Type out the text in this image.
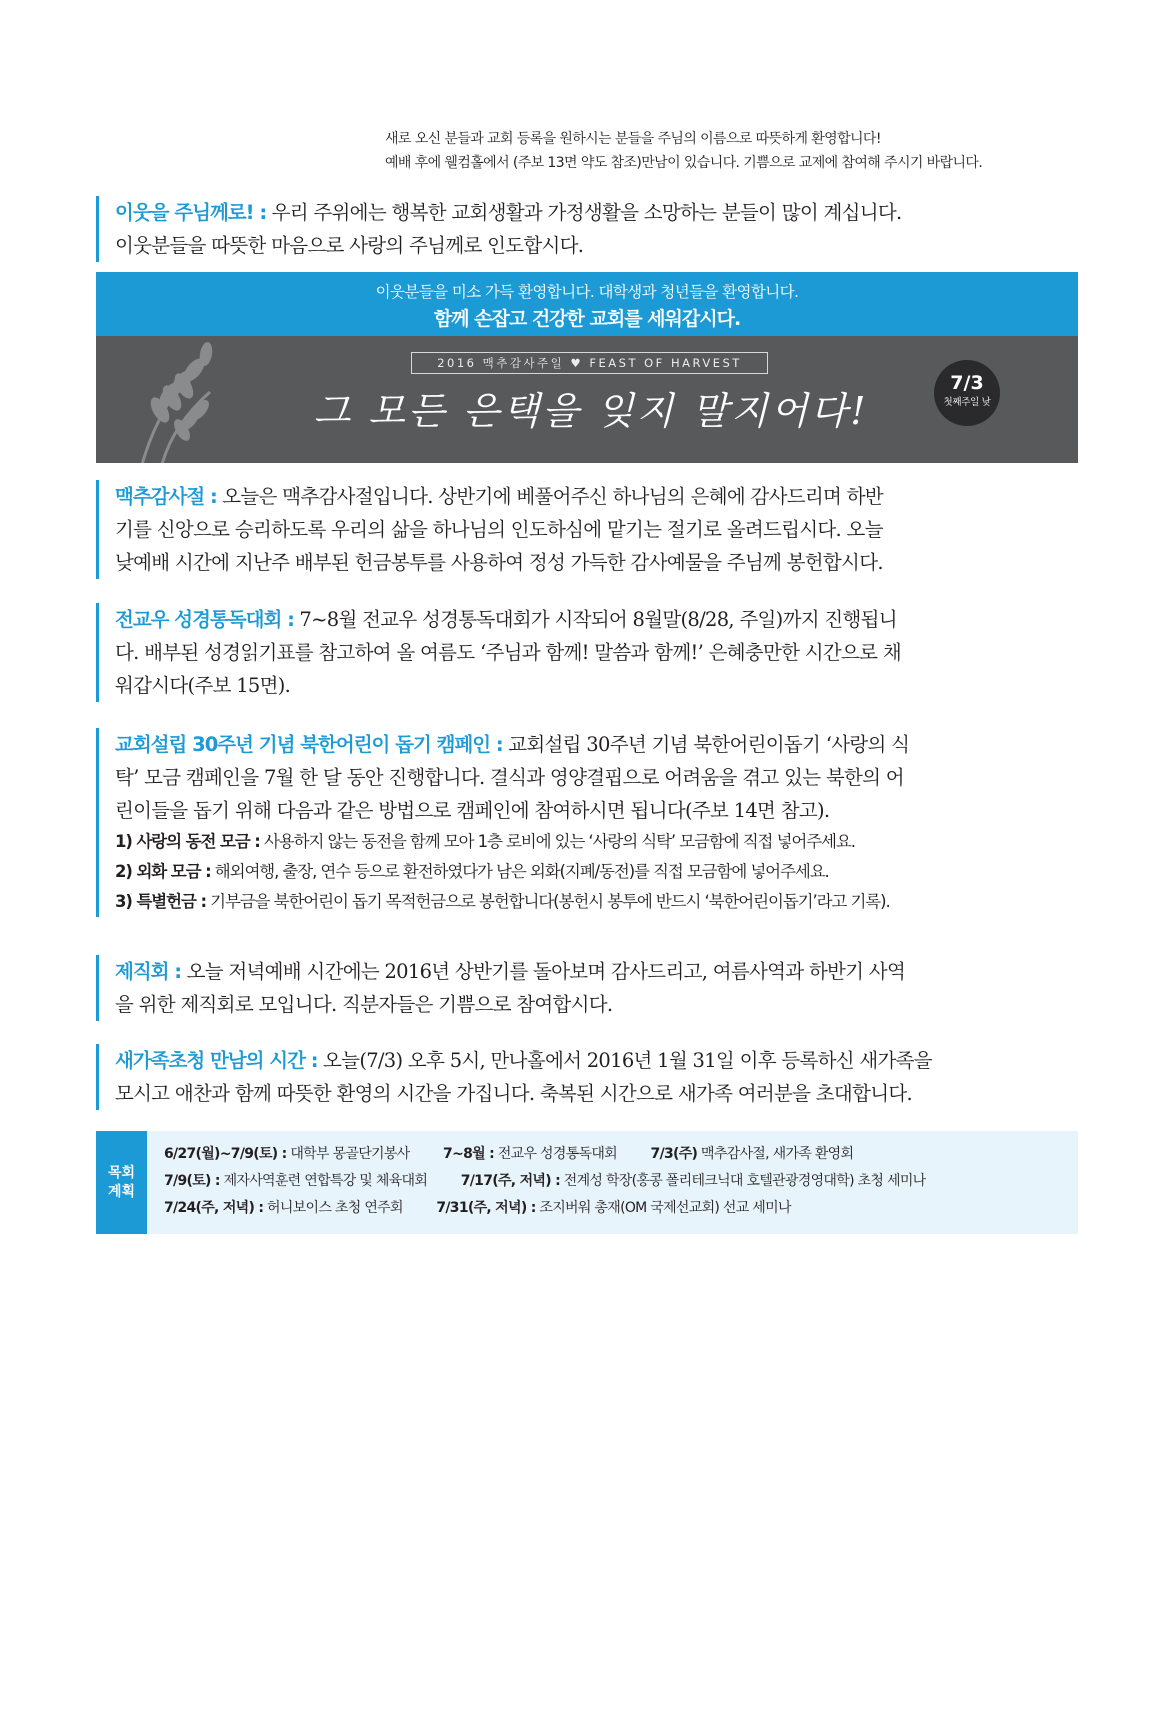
새로 오신 분들과 교회 등록을 원하시는 분들을 주님의 이름으로 따뜻하게 환영합니다!
예배 후에 웰컴홀에서 (주보 13면 약도 참조)만남이 있습니다. 기쁨으로 교제에 참여해 주시기 바랍니다.
이웃을 주님께로! : 우리 주위에는 행복한 교회생활과 가정생활을 소망하는 분들이 많이 계십니다.
이웃분들을 따뜻한 마음으로 사랑의 주님께로 인도합시다.
이웃분들을 미소 가득 환영합니다. 대학생과 청년들을 환영합니다.
함께 손잡고 건강한 교회를 세워갑시다.
2016 맥추감사주일 ♥ FEAST OF HARVEST
그 모든 은택을 잊지 말지어다!
7/3
첫째주일 낮
맥추감사절 : 오늘은 맥추감사절입니다. 상반기에 베풀어주신 하나님의 은혜에 감사드리며 하반
기를 신앙으로 승리하도록 우리의 삶을 하나님의 인도하심에 맡기는 절기로 올려드립시다. 오늘
낮예배 시간에 지난주 배부된 헌금봉투를 사용하여 정성 가득한 감사예물을 주님께 봉헌합시다.
전교우 성경통독대회 : 7~8월 전교우 성경통독대회가 시작되어 8월말(8/28, 주일)까지 진행됩니
다. 배부된 성경읽기표를 참고하여 올 여름도 ‘주님과 함께! 말씀과 함께!’ 은혜충만한 시간으로 채
워갑시다(주보 15면).
교회설립 30주년 기념 북한어린이 돕기 캠페인 : 교회설립 30주년 기념 북한어린이돕기 ‘사랑의 식
탁’ 모금 캠페인을 7월 한 달 동안 진행합니다. 결식과 영양결핍으로 어려움을 겪고 있는 북한의 어
린이들을 돕기 위해 다음과 같은 방법으로 캠페인에 참여하시면 됩니다(주보 14면 참고).
1) 사랑의 동전 모금 : 사용하지 않는 동전을 함께 모아 1층 로비에 있는 ‘사랑의 식탁’ 모금함에 직접 넣어주세요.
2) 외화 모금 : 해외여행, 출장, 연수 등으로 환전하였다가 남은 외화(지폐/동전)를 직접 모금함에 넣어주세요.
3) 특별헌금 : 기부금을 북한어린이 돕기 목적헌금으로 봉헌합니다(봉헌시 봉투에 반드시 ‘북한어린이돕기’라고 기록).
제직회 : 오늘 저녁예배 시간에는 2016년 상반기를 돌아보며 감사드리고, 여름사역과 하반기 사역
을 위한 제직회로 모입니다. 직분자들은 기쁨으로 참여합시다.
새가족초청 만남의 시간 : 오늘(7/3) 오후 5시, 만나홀에서 2016년 1월 31일 이후 등록하신 새가족을
모시고 애찬과 함께 따뜻한 환영의 시간을 가집니다. 축복된 시간으로 새가족 여러분을 초대합니다.
목회 계획
6/27(월)~7/9(토) : 대학부 몽골단기봉사 7~8월 : 전교우 성경통독대회 7/3(주) 맥추감사절, 새가족 환영회
7/9(토) : 제자사역훈련 연합특강 및 체육대회 7/17(주, 저녁) : 전계성 학장(홍콩 폴리테크닉대 호텔관광경영대학) 초청 세미나
7/24(주, 저녁) : 허니보이스 초청 연주회 7/31(주, 저녁) : 조지버워 총재(OM 국제선교회) 선교 세미나
